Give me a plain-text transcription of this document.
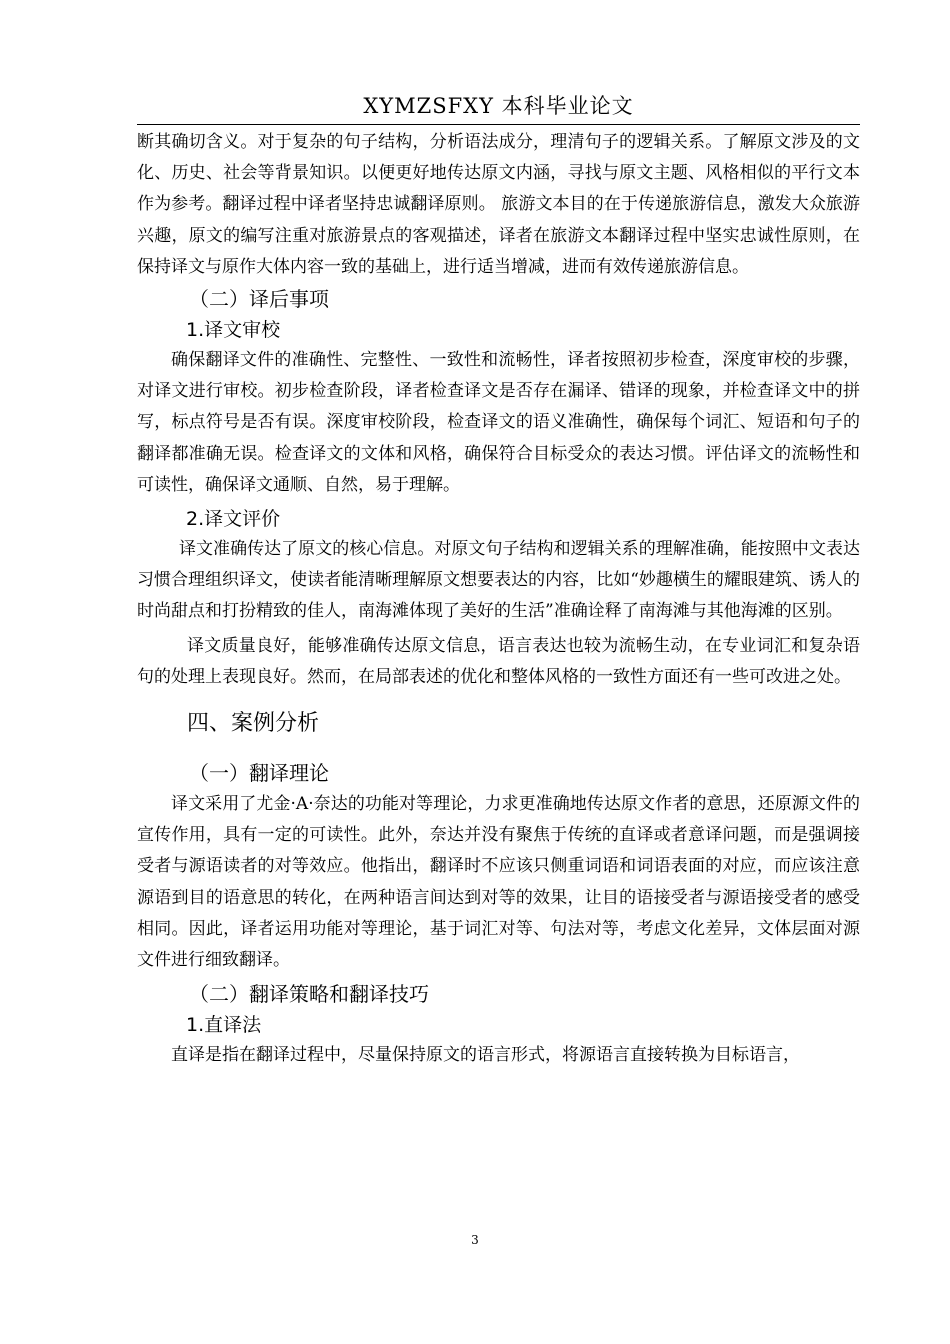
XYMZSFXY 本科毕业论文

断其确切含义。对于复杂的句子结构，分析语法成分，理清句子的逻辑关系。了解原文涉及的文化、历史、社会等背景知识。以便更好地传达原文内涵，寻找与原文主题、风格相似的平行文本作为参考。翻译过程中译者坚持忠诚翻译原则。 旅游文本目的在于传递旅游信息，激发大众旅游兴趣，原文的编写注重对旅游景点的客观描述，译者在旅游文本翻译过程中坚实忠诚性原则，在保持译文与原作大体内容一致的基础上，进行适当增减，进而有效传递旅游信息。

（二）译后事项
1.译文审校

确保翻译文件的准确性、完整性、一致性和流畅性，译者按照初步检查，深度审校的步骤，对译文进行审校。初步检查阶段，译者检查译文是否存在漏译、错译的现象，并检查译文中的拼写，标点符号是否有误。深度审校阶段，检查译文的语义准确性，确保每个词汇、短语和句子的翻译都准确无误。检查译文的文体和风格，确保符合目标受众的表达习惯。评估译文的流畅性和可读性，确保译文通顺、自然，易于理解。

2.译文评价

译文准确传达了原文的核心信息。对原文句子结构和逻辑关系的理解准确，能按照中文表达习惯合理组织译文，使读者能清晰理解原文想要表达的内容，比如“妙趣横生的耀眼建筑、诱人的时尚甜点和打扮精致的佳人，南海滩体现了美好的生活”准确诠释了南海滩与其他海滩的区别。

译文质量良好，能够准确传达原文信息，语言表达也较为流畅生动，在专业词汇和复杂语句的处理上表现良好。然而，在局部表述的优化和整体风格的一致性方面还有一些可改进之处。

四、案例分析
（一）翻译理论

译文采用了尤金·A·奈达的功能对等理论，力求更准确地传达原文作者的意思，还原源文件的宣传作用，具有一定的可读性。此外，奈达并没有聚焦于传统的直译或者意译问题，而是强调接受者与源语读者的对等效应。他指出，翻译时不应该只侧重词语和词语表面的对应，而应该注意源语到目的语意思的转化，在两种语言间达到对等的效果，让目的语接受者与源语接受者的感受相同。因此，译者运用功能对等理论，基于词汇对等、句法对等，考虑文化差异，文体层面对源文件进行细致翻译。

（二）翻译策略和翻译技巧
1.直译法

直译是指在翻译过程中，尽量保持原文的语言形式，将源语言直接转换为目标语言，

3
